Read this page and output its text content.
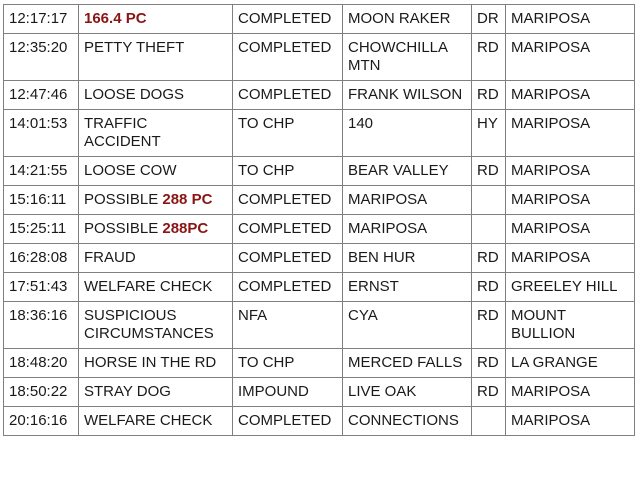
12:17:17	166.4 PC	COMPLETED	MOON RAKER	DR	MARIPOSA
12:35:20	PETTY THEFT	COMPLETED	CHOWCHILLA MTN	RD	MARIPOSA
12:47:46	LOOSE DOGS	COMPLETED	FRANK WILSON	RD	MARIPOSA
14:01:53	TRAFFIC ACCIDENT	TO CHP	140	HY	MARIPOSA
14:21:55	LOOSE COW	TO CHP	BEAR VALLEY	RD	MARIPOSA
15:16:11	POSSIBLE 288 PC	COMPLETED	MARIPOSA		MARIPOSA
15:25:11	POSSIBLE 288PC	COMPLETED	MARIPOSA		MARIPOSA
16:28:08	FRAUD	COMPLETED	BEN HUR	RD	MARIPOSA
17:51:43	WELFARE CHECK	COMPLETED	ERNST	RD	GREELEY HILL
18:36:16	SUSPICIOUS CIRCUMSTANCES	NFA	CYA	RD	MOUNT BULLION
18:48:20	HORSE IN THE RD	TO CHP	MERCED FALLS	RD	LA GRANGE
18:50:22	STRAY DOG	IMPOUND	LIVE OAK	RD	MARIPOSA
20:16:16	WELFARE CHECK	COMPLETED	CONNECTIONS		MARIPOSA
